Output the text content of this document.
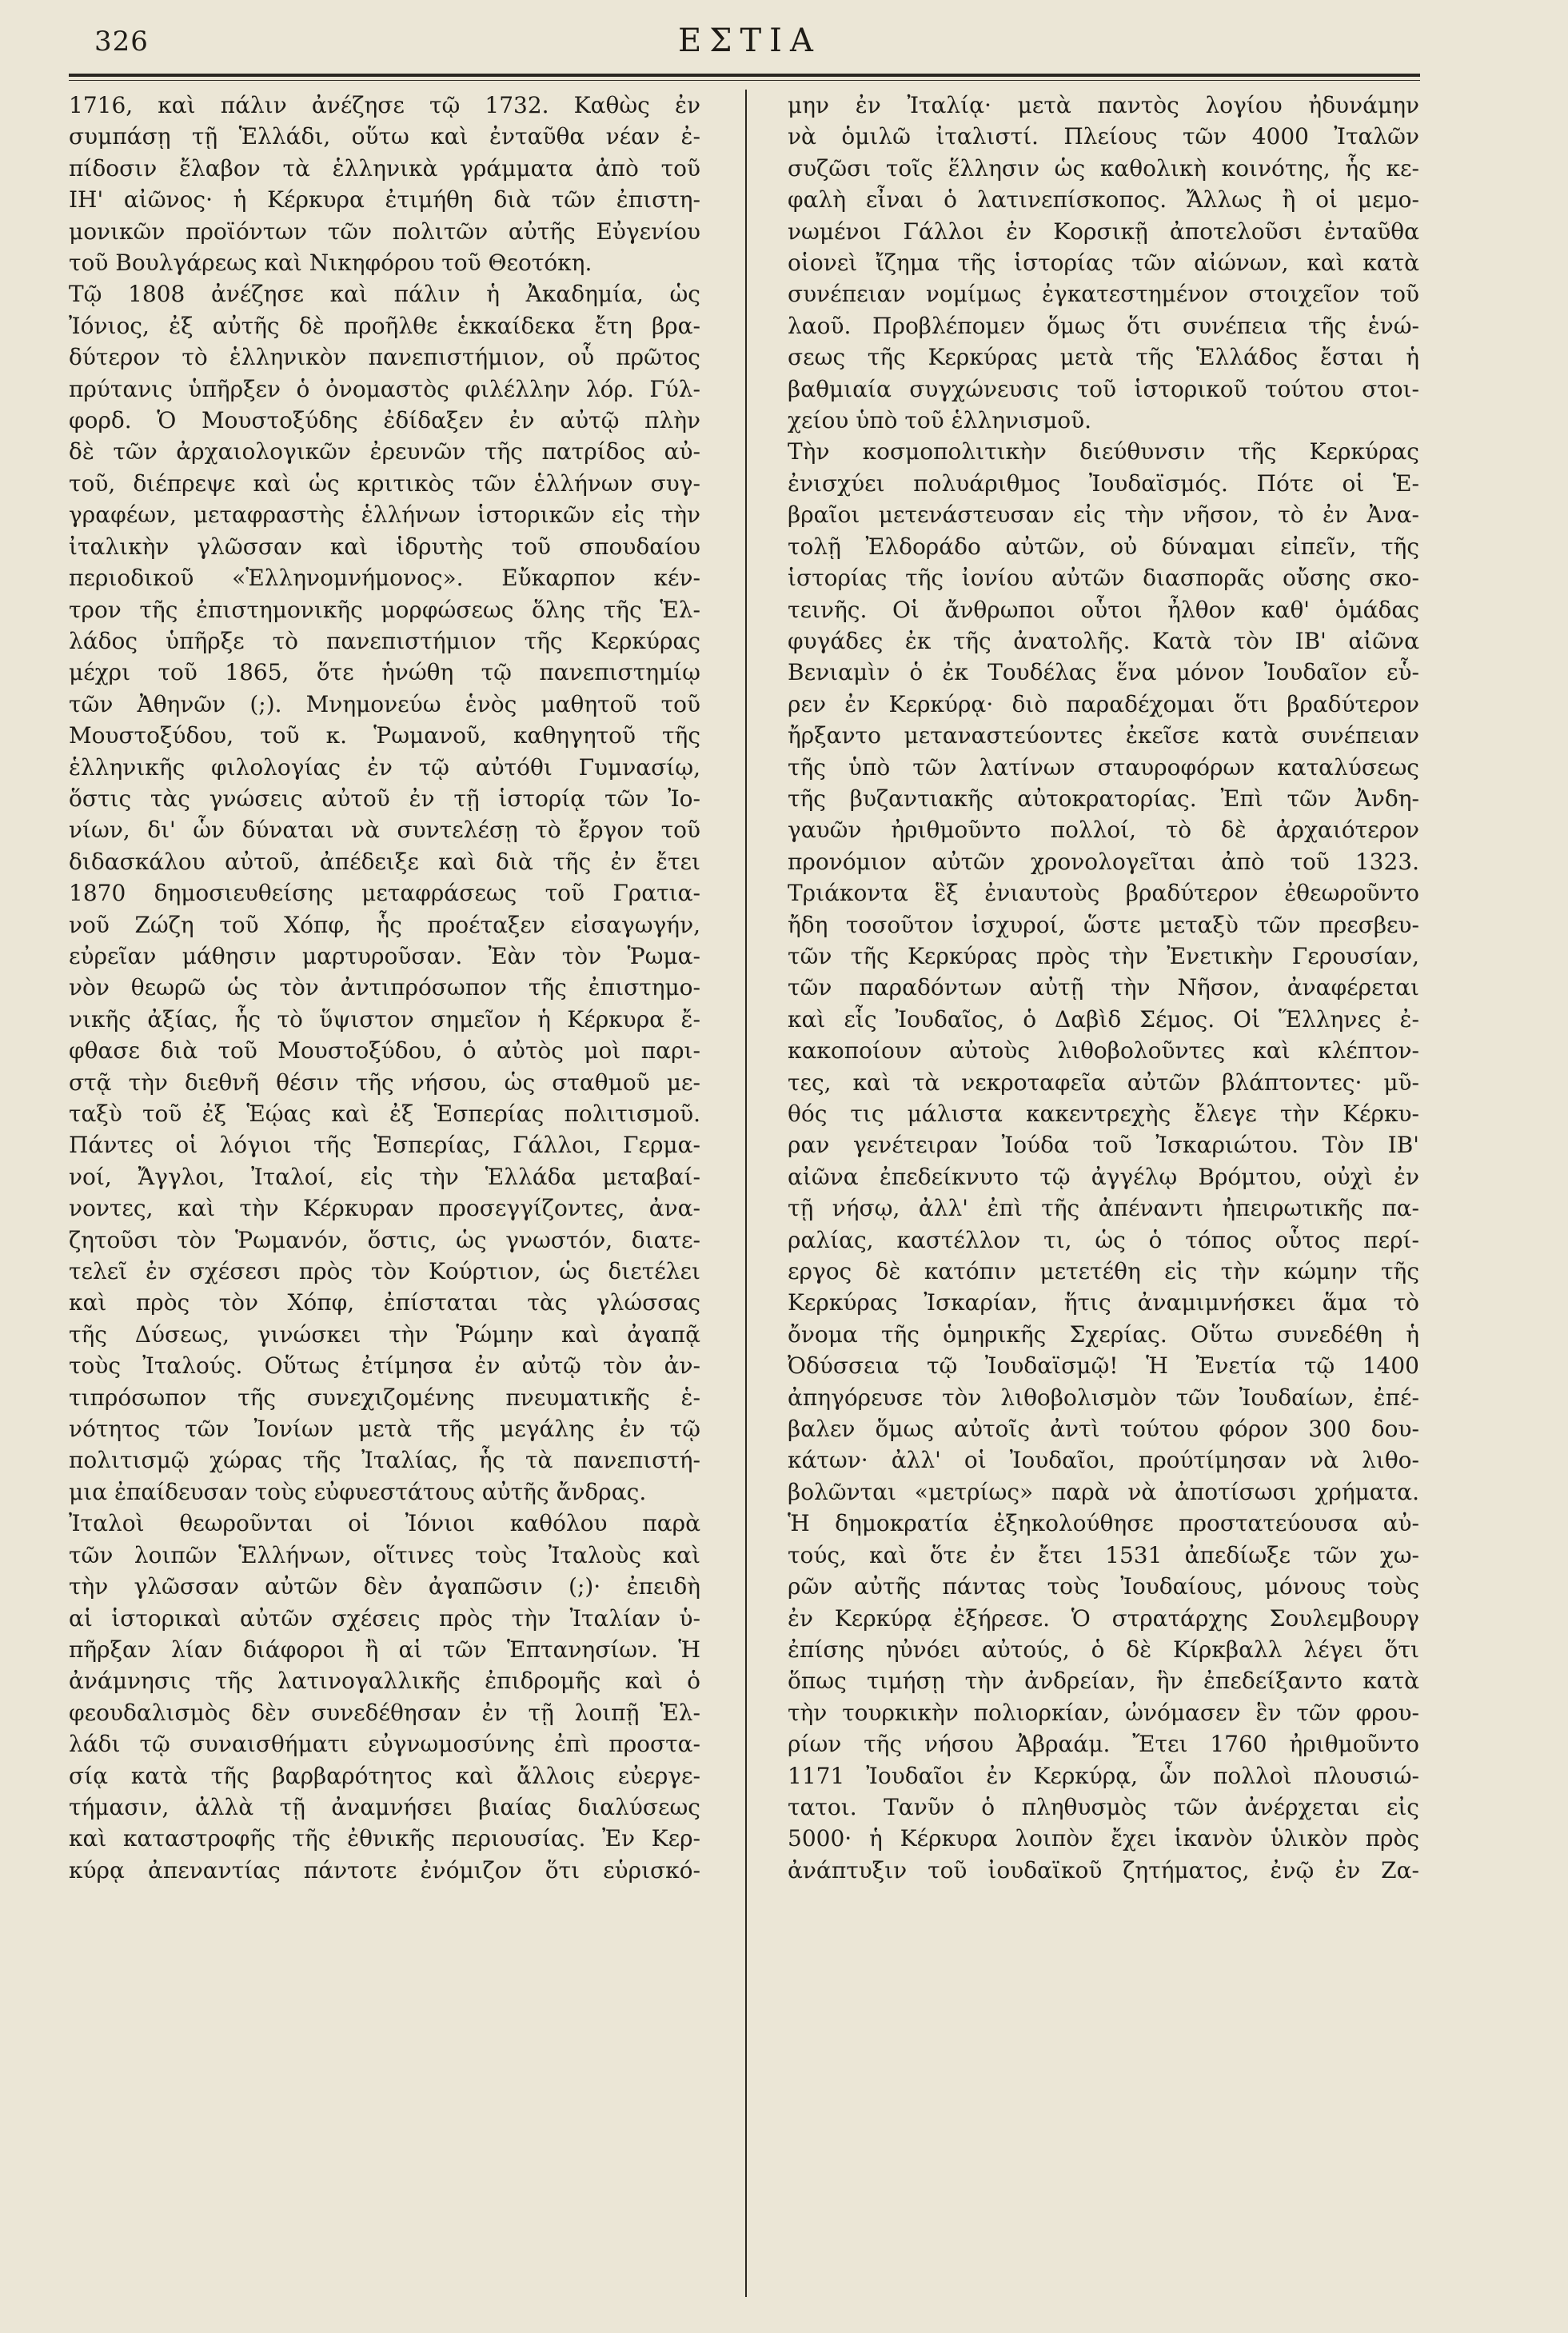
326	ΕΣΤΙΑ
1716, καὶ πάλιν ἀνέζησε τῷ 1732. Καθὼς ἐν
συμπάσῃ τῇ Ἑλλάδι, οὕτω καὶ ἐνταῦθα νέαν ἐ-
πίδοσιν ἔλαβον τὰ ἑλληνικὰ γράμματα ἀπὸ τοῦ
ΙΗ' αἰῶνος· ἡ Κέρκυρα ἐτιμήθη διὰ τῶν ἐπιστη-
μονικῶν προϊόντων τῶν πολιτῶν αὐτῆς Εὐγενίου
τοῦ Βουλγάρεως καὶ Νικηφόρου τοῦ Θεοτόκη.
Τῷ 1808 ἀνέζησε καὶ πάλιν ἡ Ἀκαδημία, ὡς
Ἰόνιος, ἐξ αὐτῆς δὲ προῆλθε ἑκκαίδεκα ἔτη βρα-
δύτερον τὸ ἑλληνικὸν πανεπιστήμιον, οὗ πρῶτος
πρύτανις ὑπῆρξεν ὁ ὀνομαστὸς φιλέλλην λόρ. Γύλ-
φορδ. Ὁ Μουστοξύδης ἐδίδαξεν ἐν αὐτῷ πλὴν
δὲ τῶν ἀρχαιολογικῶν ἐρευνῶν τῆς πατρίδος αὐ-
τοῦ, διέπρεψε καὶ ὡς κριτικὸς τῶν ἑλλήνων συγ-
γραφέων, μεταφραστὴς ἑλλήνων ἱστορικῶν εἰς τὴν
ἰταλικὴν γλῶσσαν καὶ ἱδρυτὴς τοῦ σπουδαίου
περιοδικοῦ «Ἑλληνομνήμονος». Εὔκαρπον κέν-
τρον τῆς ἐπιστημονικῆς μορφώσεως ὅλης τῆς Ἑλ-
λάδος ὑπῆρξε τὸ πανεπιστήμιον τῆς Κερκύρας
μέχρι τοῦ 1865, ὅτε ἡνώθη τῷ πανεπιστημίῳ
τῶν Ἀθηνῶν (;). Μνημονεύω ἑνὸς μαθητοῦ τοῦ
Μουστοξύδου, τοῦ κ. Ῥωμανοῦ, καθηγητοῦ τῆς
ἑλληνικῆς φιλολογίας ἐν τῷ αὐτόθι Γυμνασίῳ,
ὅστις τὰς γνώσεις αὐτοῦ ἐν τῇ ἱστορίᾳ τῶν Ἰο-
νίων, δι' ὧν δύναται νὰ συντελέσῃ τὸ ἔργον τοῦ
διδασκάλου αὐτοῦ, ἀπέδειξε καὶ διὰ τῆς ἐν ἔτει
1870 δημοσιευθείσης μεταφράσεως τοῦ Γρατια-
νοῦ Ζώζη τοῦ Χόπφ, ἧς προέταξεν εἰσαγωγήν,
εὐρεῖαν μάθησιν μαρτυροῦσαν. Ἐὰν τὸν Ῥωμα-
νὸν θεωρῶ ὡς τὸν ἀντιπρόσωπον τῆς ἐπιστημο-
νικῆς ἀξίας, ἧς τὸ ὕψιστον σημεῖον ἡ Κέρκυρα ἔ-
φθασε διὰ τοῦ Μουστοξύδου, ὁ αὐτὸς μοὶ παρι-
στᾷ τὴν διεθνῆ θέσιν τῆς νήσου, ὡς σταθμοῦ με-
ταξὺ τοῦ ἐξ Ἑῴας καὶ ἐξ Ἑσπερίας πολιτισμοῦ.
Πάντες οἱ λόγιοι τῆς Ἑσπερίας, Γάλλοι, Γερμα-
νοί, Ἄγγλοι, Ἰταλοί, εἰς τὴν Ἑλλάδα μεταβαί-
νοντες, καὶ τὴν Κέρκυραν προσεγγίζοντες, ἀνα-
ζητοῦσι τὸν Ῥωμανόν, ὅστις, ὡς γνωστόν, διατε-
τελεῖ ἐν σχέσεσι πρὸς τὸν Κούρτιον, ὡς διετέλει
καὶ πρὸς τὸν Χόπφ, ἐπίσταται τὰς γλώσσας
τῆς Δύσεως, γινώσκει τὴν Ῥώμην καὶ ἀγαπᾷ
τοὺς Ἰταλούς. Οὕτως ἐτίμησα ἐν αὐτῷ τὸν ἀν-
τιπρόσωπον τῆς συνεχιζομένης πνευματικῆς ἑ-
νότητος τῶν Ἰονίων μετὰ τῆς μεγάλης ἐν τῷ
πολιτισμῷ χώρας τῆς Ἰταλίας, ἧς τὰ πανεπιστή-
μια ἐπαίδευσαν τοὺς εὐφυεστάτους αὐτῆς ἄνδρας.
Ἰταλοὶ θεωροῦνται οἱ Ἰόνιοι καθόλου παρὰ
τῶν λοιπῶν Ἑλλήνων, οἵτινες τοὺς Ἰταλοὺς καὶ
τὴν γλῶσσαν αὐτῶν δὲν ἀγαπῶσιν (;)· ἐπειδὴ
αἱ ἱστορικαὶ αὐτῶν σχέσεις πρὸς τὴν Ἰταλίαν ὑ-
πῆρξαν λίαν διάφοροι ἢ αἱ τῶν Ἑπτανησίων. Ἡ
ἀνάμνησις τῆς λατινογαλλικῆς ἐπιδρομῆς καὶ ὁ
φεουδαλισμὸς δὲν συνεδέθησαν ἐν τῇ λοιπῇ Ἑλ-
λάδι τῷ συναισθήματι εὐγνωμοσύνης ἐπὶ προστα-
σίᾳ κατὰ τῆς βαρβαρότητος καὶ ἄλλοις εὐεργε-
τήμασιν, ἀλλὰ τῇ ἀναμνήσει βιαίας διαλύσεως
καὶ καταστροφῆς τῆς ἐθνικῆς περιουσίας. Ἐν Κερ-
κύρᾳ ἀπεναντίας πάντοτε ἐνόμιζον ὅτι εὑρισκό-
μην ἐν Ἰταλίᾳ· μετὰ παντὸς λογίου ἠδυνάμην
νὰ ὁμιλῶ ἰταλιστί. Πλείους τῶν 4000 Ἰταλῶν
συζῶσι τοῖς ἕλλησιν ὡς καθολικὴ κοινότης, ἧς κε-
φαλὴ εἶναι ὁ λατινεπίσκοπος. Ἄλλως ἢ οἱ μεμο-
νωμένοι Γάλλοι ἐν Κορσικῇ ἀποτελοῦσι ἐνταῦθα
οἱονεὶ ἴζημα τῆς ἱστορίας τῶν αἰώνων, καὶ κατὰ
συνέπειαν νομίμως ἐγκατεστημένον στοιχεῖον τοῦ
λαοῦ. Προβλέπομεν ὅμως ὅτι συνέπεια τῆς ἑνώ-
σεως τῆς Κερκύρας μετὰ τῆς Ἑλλάδος ἔσται ἡ
βαθμιαία συγχώνευσις τοῦ ἱστορικοῦ τούτου στοι-
χείου ὑπὸ τοῦ ἑλληνισμοῦ.
Τὴν κοσμοπολιτικὴν διεύθυνσιν τῆς Κερκύρας
ἐνισχύει πολυάριθμος Ἰουδαϊσμός. Πότε οἱ Ἑ-
βραῖοι μετενάστευσαν εἰς τὴν νῆσον, τὸ ἐν Ἀνα-
τολῇ Ἐλδοράδο αὐτῶν, οὐ δύναμαι εἰπεῖν, τῆς
ἱστορίας τῆς ἰονίου αὐτῶν διασπορᾶς οὔσης σκο-
τεινῆς. Οἱ ἄνθρωποι οὗτοι ἦλθον καθ' ὁμάδας
φυγάδες ἐκ τῆς ἀνατολῆς. Κατὰ τὸν ΙΒ' αἰῶνα
Βενιαμὶν ὁ ἐκ Τουδέλας ἕνα μόνον Ἰουδαῖον εὗ-
ρεν ἐν Κερκύρᾳ· διὸ παραδέχομαι ὅτι βραδύτερον
ἤρξαντο μεταναστεύοντες ἐκεῖσε κατὰ συνέπειαν
τῆς ὑπὸ τῶν λατίνων σταυροφόρων καταλύσεως
τῆς βυζαντιακῆς αὐτοκρατορίας. Ἐπὶ τῶν Ἀνδη-
γαυῶν ἠριθμοῦντο πολλοί, τὸ δὲ ἀρχαιότερον
προνόμιον αὐτῶν χρονολογεῖται ἀπὸ τοῦ 1323.
Τριάκοντα ἓξ ἐνιαυτοὺς βραδύτερον ἐθεωροῦντο
ἤδη τοσοῦτον ἰσχυροί, ὥστε μεταξὺ τῶν πρεσβευ-
τῶν τῆς Κερκύρας πρὸς τὴν Ἐνετικὴν Γερουσίαν,
τῶν παραδόντων αὐτῇ τὴν Νῆσον, ἀναφέρεται
καὶ εἷς Ἰουδαῖος, ὁ Δαβὶδ Σέμος. Οἱ Ἕλληνες ἐ-
κακοποίουν αὐτοὺς λιθοβολοῦντες καὶ κλέπτον-
τες, καὶ τὰ νεκροταφεῖα αὐτῶν βλάπτοντες· μῦ-
θός τις μάλιστα κακεντρεχὴς ἔλεγε τὴν Κέρκυ-
ραν γενέτειραν Ἰούδα τοῦ Ἰσκαριώτου. Τὸν ΙΒ'
αἰῶνα ἐπεδείκνυτο τῷ ἀγγέλῳ Βρόμτου, οὐχὶ ἐν
τῇ νήσῳ, ἀλλ' ἐπὶ τῆς ἀπέναντι ἠπειρωτικῆς πα-
ραλίας, καστέλλον τι, ὡς ὁ τόπος οὗτος περί-
εργος δὲ κατόπιν μετετέθη εἰς τὴν κώμην τῆς
Κερκύρας Ἰσκαρίαν, ἥτις ἀναμιμνήσκει ἅμα τὸ
ὄνομα τῆς ὁμηρικῆς Σχερίας. Οὕτω συνεδέθη ἡ
Ὀδύσσεια τῷ Ἰουδαϊσμῷ! Ἡ Ἐνετία τῷ 1400
ἀπηγόρευσε τὸν λιθοβολισμὸν τῶν Ἰουδαίων, ἐπέ-
βαλεν ὅμως αὐτοῖς ἀντὶ τούτου φόρον 300 δου-
κάτων· ἀλλ' οἱ Ἰουδαῖοι, προύτίμησαν νὰ λιθο-
βολῶνται «μετρίως» παρὰ νὰ ἀποτίσωσι χρήματα.
Ἡ δημοκρατία ἐξηκολούθησε προστατεύουσα αὐ-
τούς, καὶ ὅτε ἐν ἔτει 1531 ἀπεδίωξε τῶν χω-
ρῶν αὐτῆς πάντας τοὺς Ἰουδαίους, μόνους τοὺς
ἐν Κερκύρᾳ ἐξήρεσε. Ὁ στρατάρχης Σουλεμβουργ
ἐπίσης ηὐνόει αὐτούς, ὁ δὲ Κίρκβαλλ λέγει ὅτι
ὅπως τιμήσῃ τὴν ἀνδρείαν, ἣν ἐπεδείξαντο κατὰ
τὴν τουρκικὴν πολιορκίαν, ὠνόμασεν ἓν τῶν φρου-
ρίων τῆς νήσου Ἀβραάμ. Ἔτει 1760 ἠριθμοῦντο
1171 Ἰουδαῖοι ἐν Κερκύρᾳ, ὧν πολλοὶ πλουσιώ-
τατοι. Τανῦν ὁ πληθυσμὸς τῶν ἀνέρχεται εἰς
5000· ἡ Κέρκυρα λοιπὸν ἔχει ἱκανὸν ὑλικὸν πρὸς
ἀνάπτυξιν τοῦ ἰουδαϊκοῦ ζητήματος, ἐνῷ ἐν Ζα-
